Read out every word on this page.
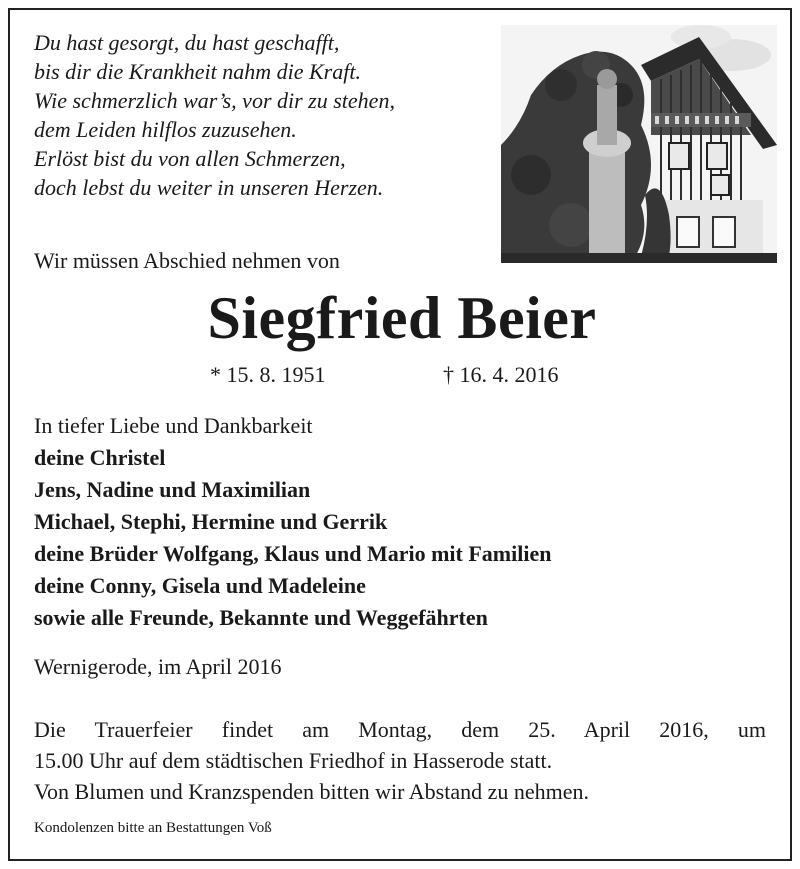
Du hast gesorgt, du hast geschafft,
bis dir die Krankheit nahm die Kraft.
Wie schmerzlich war’s, vor dir zu stehen,
dem Leiden hilflos zuzusehen.
Erlöst bist du von allen Schmerzen,
doch lebst du weiter in unseren Herzen.
Wir müssen Abschied nehmen von
Siegfried Beier
* 15. 8. 1951	† 16. 4. 2016
In tiefer Liebe und Dankbarkeit
deine Christel
Jens, Nadine und Maximilian
Michael, Stephi, Hermine und Gerrik
deine Brüder Wolfgang, Klaus und Mario mit Familien
deine Conny, Gisela und Madeleine
sowie alle Freunde, Bekannte und Weggefährten
Wernigerode, im April 2016
Die Trauerfeier findet am Montag, dem 25. April 2016, um
15.00 Uhr auf dem städtischen Friedhof in Hasserode statt.
Von Blumen und Kranzspenden bitten wir Abstand zu nehmen.
Kondolenzen bitte an Bestattungen Voß
